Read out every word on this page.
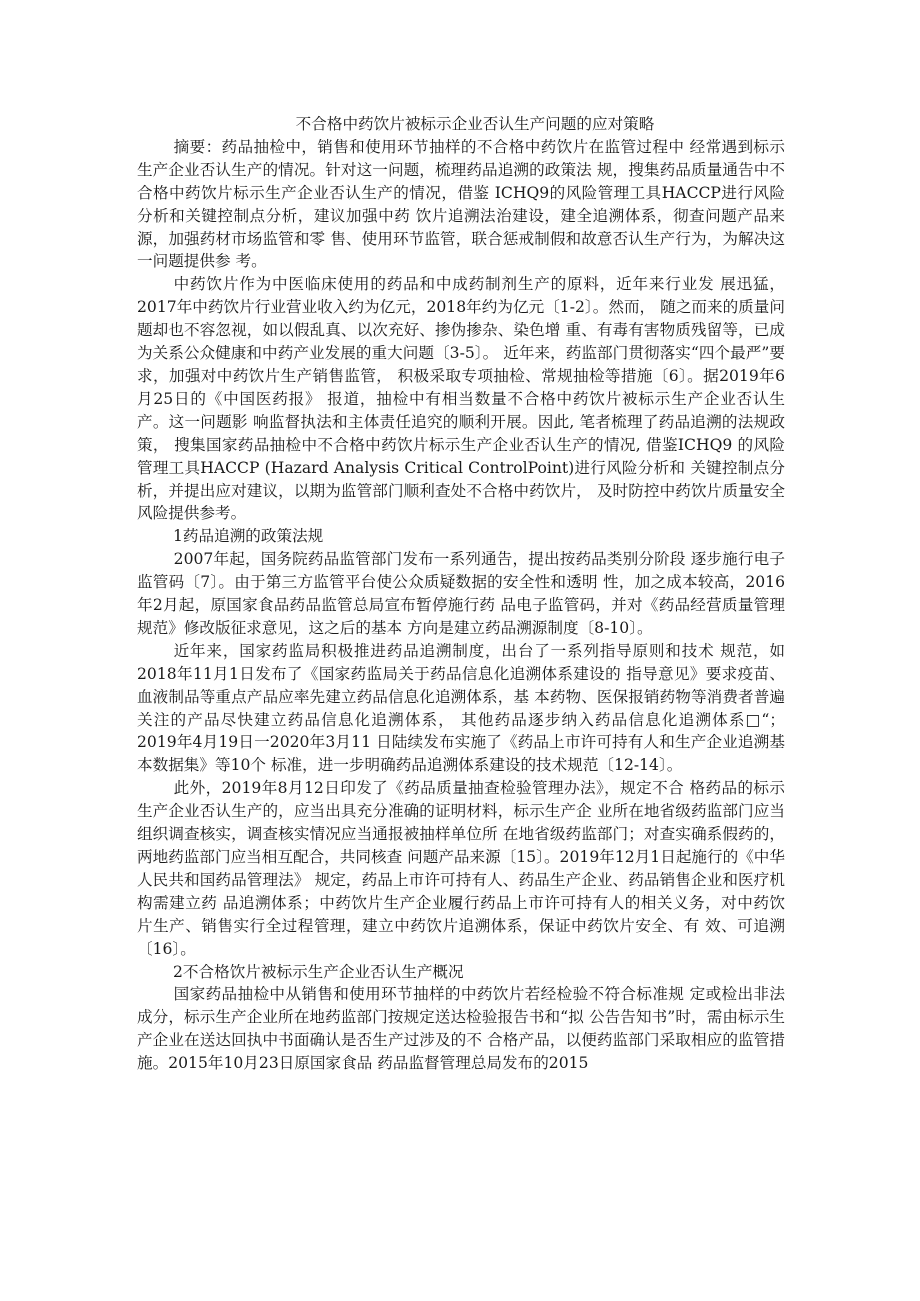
不合格中药饮片被标示企业否认生产问题的应对策略

摘要：药品抽检中，销售和使用环节抽样的不合格中药饮片在监管过程中 经常遇到标示生产企业否认生产的情况。针对这一问题，梳理药品追溯的政策法 规，搜集药品质量通告中不合格中药饮片标示生产企业否认生产的情况，借鉴 ICHQ9的风险管理工具HACCP进行风险分析和关键控制点分析，建议加强中药 饮片追溯法治建设，建全追溯体系，彻查问题产品来源，加强药材市场监管和零 售、使用环节监管，联合惩戒制假和故意否认生产行为，为解决这一问题提供参 考。

中药饮片作为中医临床使用的药品和中成药制剂生产的原料，近年来行业发 展迅猛，2017年中药饮片行业营业收入约为亿元，2018年约为亿元〔1-2〕。然而， 随之而来的质量问题却也不容忽视，如以假乱真、以次充好、掺伪掺杂、染色增 重、有毒有害物质残留等，已成为关系公众健康和中药产业发展的重大问题〔3-5〕。 近年来，药监部门贯彻落实“四个最严”要求，加强对中药饮片生产销售监管， 积极采取专项抽检、常规抽检等措施〔6〕。据2019年6月25日的《中国医药报》 报道，抽检中有相当数量不合格中药饮片被标示生产企业否认生产。这一问题影 响监督执法和主体责任追究的顺利开展。因此, 笔者梳理了药品追溯的法规政策， 搜集国家药品抽检中不合格中药饮片标示生产企业否认生产的情况, 借鉴ICHQ9 的风险管理工具HACCP (Hazard Analysis Critical ControlPoint)进行风险分析和 关键控制点分析，并提出应对建议，以期为监管部门顺利查处不合格中药饮片， 及时防控中药饮片质量安全风险提供参考。

1药品追溯的政策法规

2007年起，国务院药品监管部门发布一系列通告，提出按药品类别分阶段 逐步施行电子监管码〔7〕。由于第三方监管平台使公众质疑数据的安全性和透明 性，加之成本较高，2016年2月起，原国家食品药品监管总局宣布暂停施行药 品电子监管码，并对《药品经营质量管理规范》修改版征求意见，这之后的基本 方向是建立药品溯源制度〔8-10〕。

近年来，国家药监局积极推进药品追溯制度，出台了一系列指导原则和技术 规范，如2018年11月1日发布了《国家药监局关于药品信息化追溯体系建设的 指导意见》要求疫苗、血液制品等重点产品应率先建立药品信息化追溯体系，基 本药物、医保报销药物等消费者普遍关注的产品尽快建立药品信息化追溯体系， 其他药品逐步纳入药品信息化追溯体系□“； 2019年4月19日一2020年3月11 日陆续发布实施了《药品上市许可持有人和生产企业追溯基本数据集》等10个 标准，进一步明确药品追溯体系建设的技术规范〔12-14〕。

此外，2019年8月12日印发了《药品质量抽查检验管理办法》，规定不合 格药品的标示生产企业否认生产的，应当出具充分准确的证明材料，标示生产企 业所在地省级药监部门应当组织调查核实，调查核实情况应当通报被抽样单位所 在地省级药监部门；对查实确系假药的，两地药监部门应当相互配合，共同核查 问题产品来源〔15〕。2019年12月1日起施行的《中华人民共和国药品管理法》 规定，药品上市许可持有人、药品生产企业、药品销售企业和医疗机构需建立药 品追溯体系；中药饮片生产企业履行药品上市许可持有人的相关义务，对中药饮 片生产、销售实行全过程管理，建立中药饮片追溯体系，保证中药饮片安全、有 效、可追溯〔16〕。

2不合格饮片被标示生产企业否认生产概况

国家药品抽检中从销售和使用环节抽样的中药饮片若经检验不符合标准规 定或检出非法成分，标示生产企业所在地药监部门按规定送达检验报告书和“拟 公告告知书”时，需由标示生产企业在送达回执中书面确认是否生产过涉及的不 合格产品，以便药监部门采取相应的监管措施。2015年10月23日原国家食品 药品监督管理总局发布的2015
